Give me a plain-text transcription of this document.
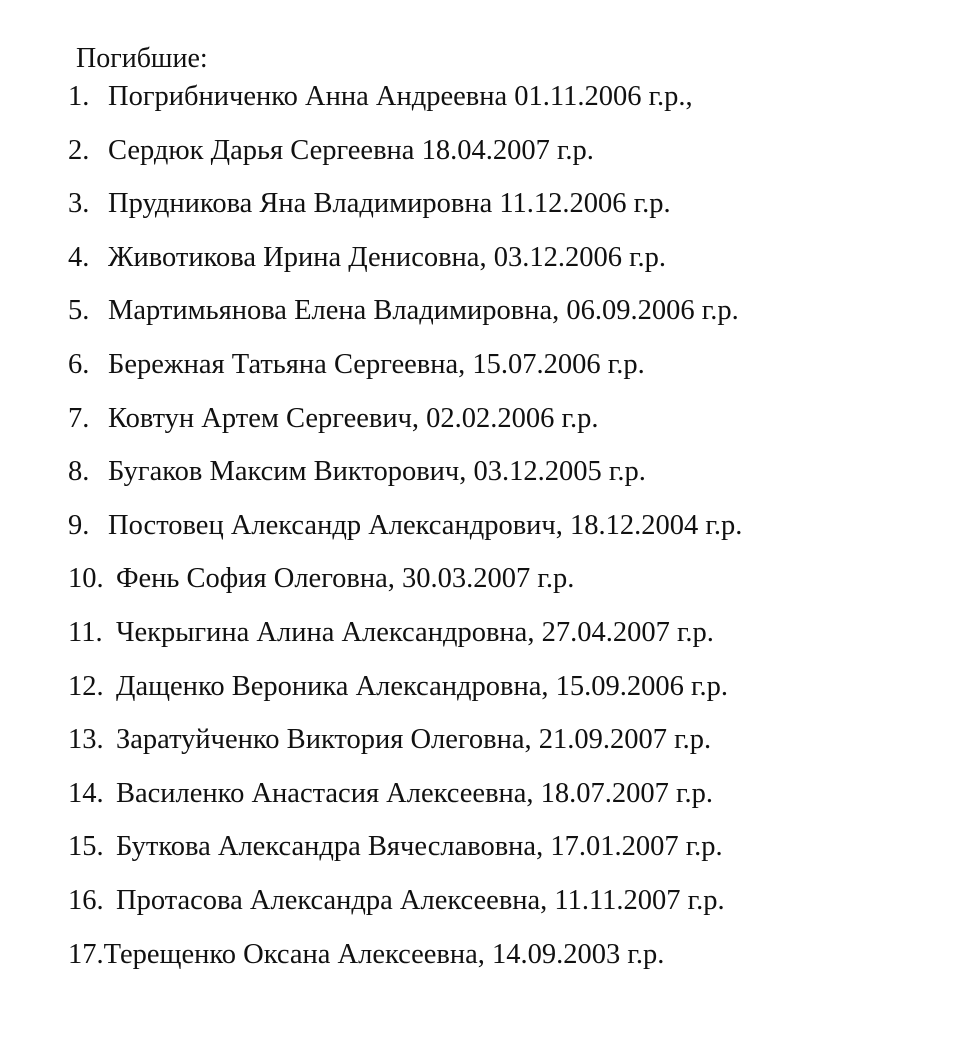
Погибшие:
1. Погрибниченко Анна Андреевна 01.11.2006 г.р.,
2. Сердюк Дарья Сергеевна 18.04.2007 г.р.
3. Прудникова Яна Владимировна 11.12.2006 г.р.
4. Животикова Ирина Денисовна, 03.12.2006 г.р.
5. Мартимьянова Елена Владимировна, 06.09.2006 г.р.
6. Бережная Татьяна Сергеевна, 15.07.2006 г.р.
7. Ковтун Артем Сергеевич, 02.02.2006 г.р.
8. Бугаков Максим Викторович, 03.12.2005 г.р.
9. Постовец Александр Александрович, 18.12.2004 г.р.
10. Фень София Олеговна, 30.03.2007 г.р.
11. Чекрыгина Алина Александровна, 27.04.2007 г.р.
12. Дащенко Вероника Александровна, 15.09.2006 г.р.
13. Заратуйченко Виктория Олеговна, 21.09.2007 г.р.
14. Василенко Анастасия Алексеевна, 18.07.2007 г.р.
15. Буткова Александра Вячеславовна, 17.01.2007 г.р.
16. Протасова Александра Алексеевна, 11.11.2007 г.р.
17. Терещенко Оксана Алексеевна, 14.09.2003 г.р.
